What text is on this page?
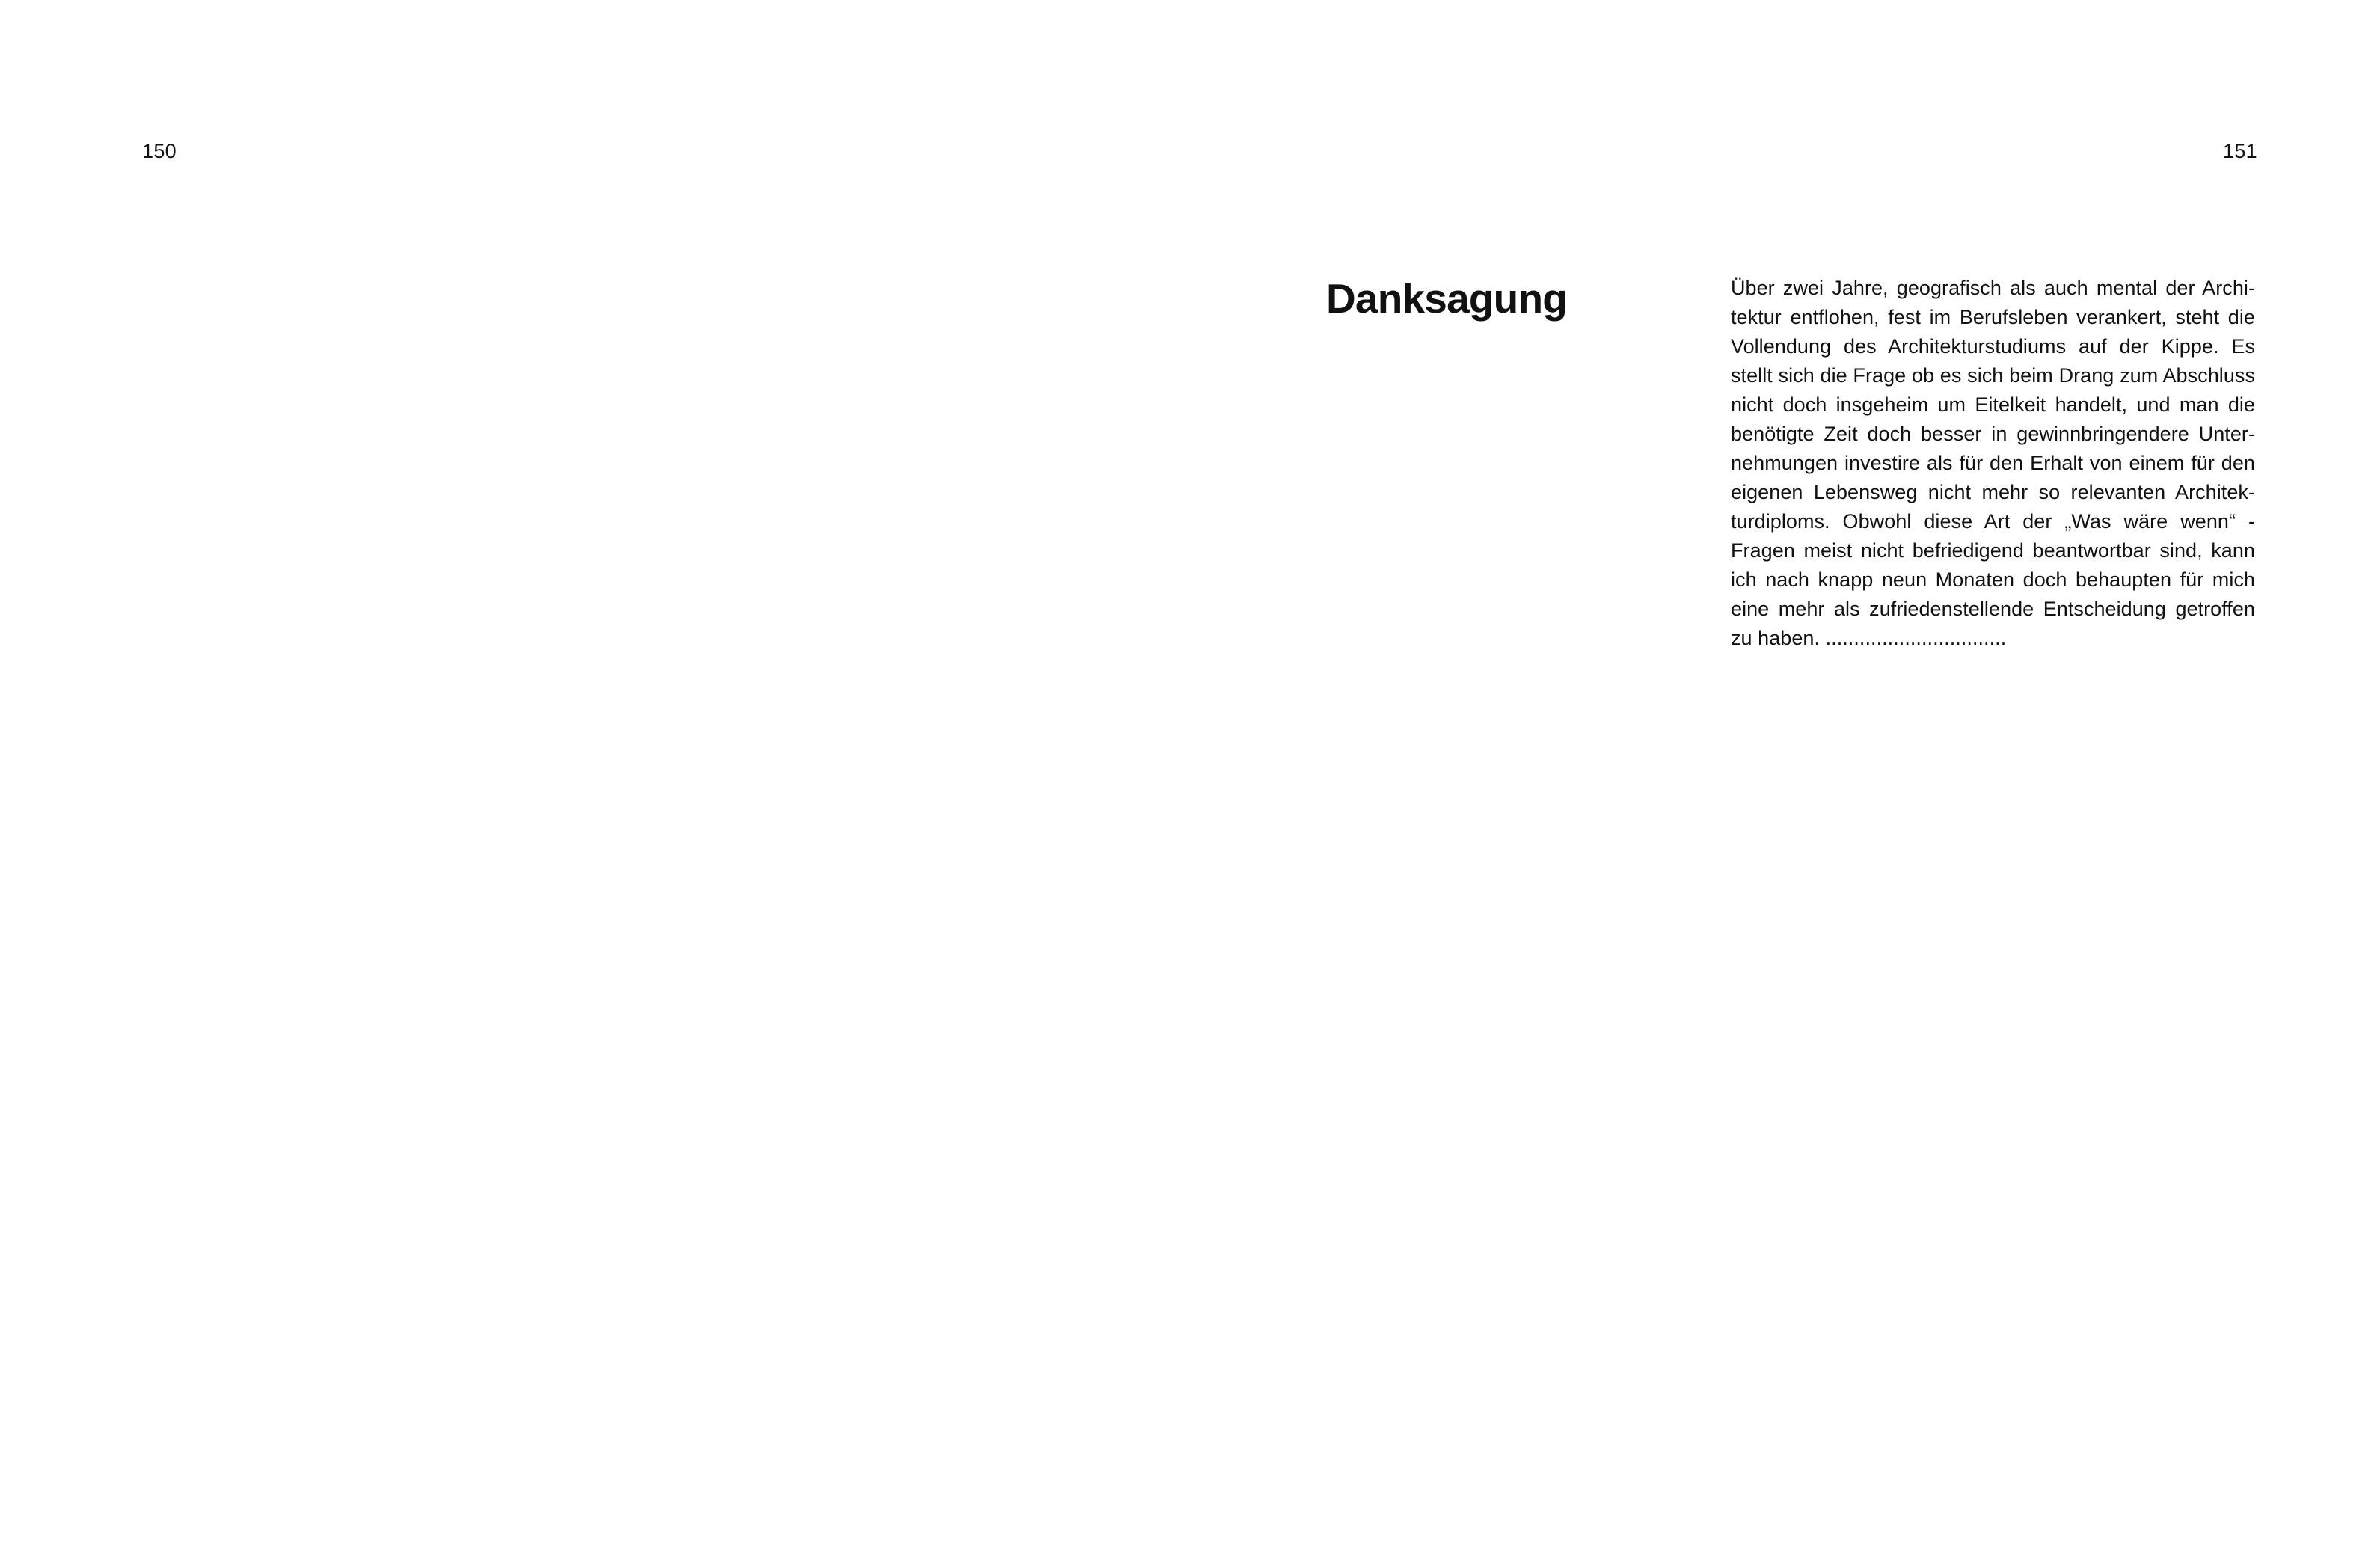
150	151
Danksagung	Über zwei Jahre, geografisch als auch mental der Archi-
tektur entflohen, fest im Berufsleben verankert, steht die
Vollendung des Architekturstudiums auf der Kippe. Es
stellt sich die Frage ob es sich beim Drang zum Abschluss
nicht doch insgeheim um Eitelkeit handelt, und man die
benötigte Zeit doch besser in gewinnbringendere Unter-
nehmungen investire als für den Erhalt von einem für den
eigenen Lebensweg nicht mehr so relevanten Architek-
turdiploms. Obwohl diese Art der „Was wäre wenn“ -
Fragen meist nicht befriedigend beantwortbar sind, kann
ich nach knapp neun Monaten doch behaupten für mich
eine mehr als zufriedenstellende Entscheidung getroffen
zu haben. ................................
